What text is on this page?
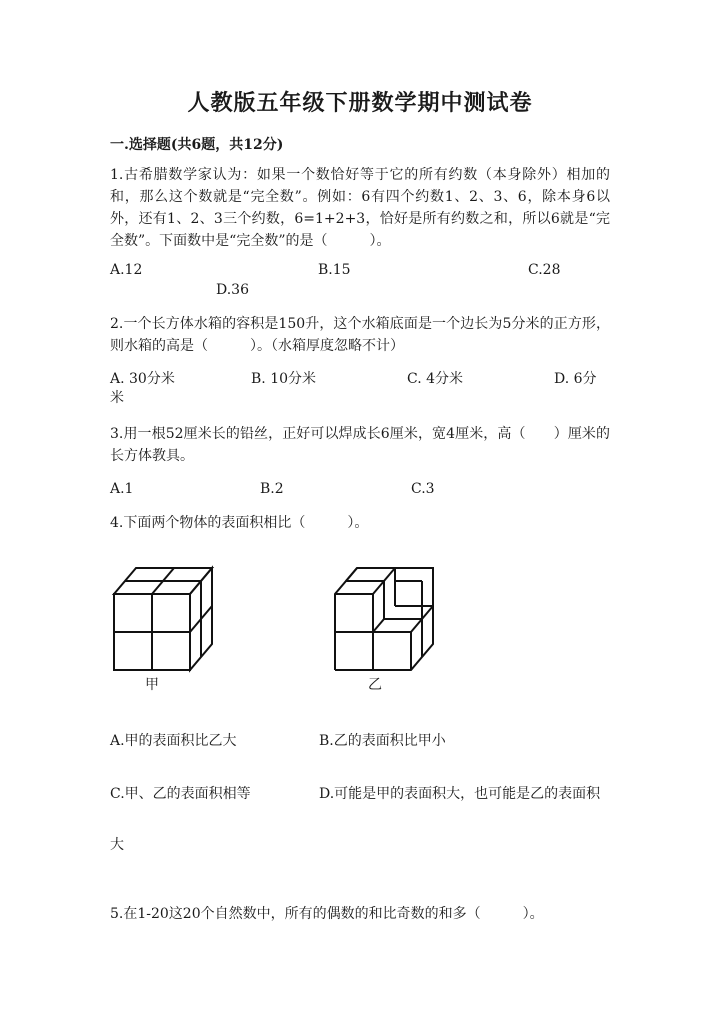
人教版五年级下册数学期中测试卷
一.选择题(共6题，共12分)
1.古希腊数学家认为：如果一个数恰好等于它的所有约数（本身除外）相加的和，那么这个数就是“完全数”。例如：6有四个约数1、2、3、6，除本身6以外，还有1、2、3三个约数，6=1+2+3，恰好是所有约数之和，所以6就是“完全数”。下面数中是“完全数”的是（　　　）。
A.12	B.15	C.28
D.36
2.一个长方体水箱的容积是150升，这个水箱底面是一个边长为5分米的正方形，则水箱的高是（　　　）。（水箱厚度忽略不计）
A. 30分米	B. 10分米	C. 4分米	D. 6分
米
3.用一根52厘米长的铅丝，正好可以焊成长6厘米，宽4厘米，高（　　）厘米的长方体教具。
A.1	B.2	C.3
4.下面两个物体的表面积相比（　　　）。
甲	乙
A.甲的表面积比乙大	B.乙的表面积比甲小
C.甲、乙的表面积相等	D.可能是甲的表面积大，也可能是乙的表面积
大
5.在1-20这20个自然数中，所有的偶数的和比奇数的和多（　　　）。
